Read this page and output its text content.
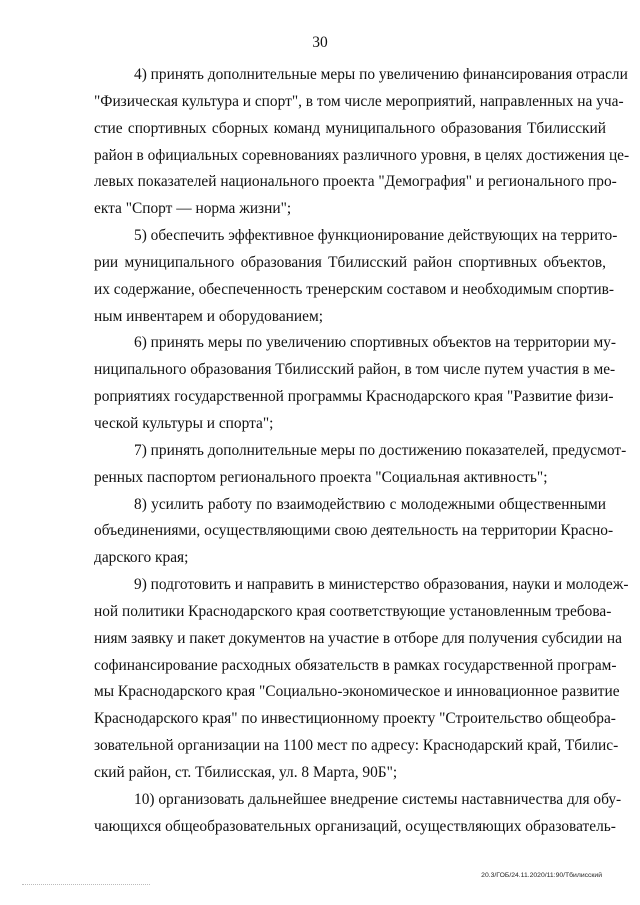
30
4) принять дополнительные меры по увеличению финансирования отрасли
"Физическая культура и спорт", в том числе мероприятий, направленных на уча-
стие спортивных сборных команд муниципального образования Тбилисский
район в официальных соревнованиях различного уровня, в целях достижения це-
левых показателей национального проекта "Демография" и регионального про-
екта "Спорт — норма жизни";
5) обеспечить эффективное функционирование действующих на террито-
рии муниципального образования Тбилисский район спортивных объектов,
их содержание, обеспеченность тренерским составом и необходимым спортив-
ным инвентарем и оборудованием;
6) принять меры по увеличению спортивных объектов на территории му-
ниципального образования Тбилисский район, в том числе путем участия в ме-
роприятиях государственной программы Краснодарского края "Развитие физи-
ческой культуры и спорта";
7) принять дополнительные меры по достижению показателей, предусмот-
ренных паспортом регионального проекта "Социальная активность";
8) усилить работу по взаимодействию с молодежными общественными
объединениями, осуществляющими свою деятельность на территории Красно-
дарского края;
9) подготовить и направить в министерство образования, науки и молодеж-
ной политики Краснодарского края соответствующие установленным требова-
ниям заявку и пакет документов на участие в отборе для получения субсидии на
софинансирование расходных обязательств в рамках государственной програм-
мы Краснодарского края "Социально-экономическое и инновационное развитие
Краснодарского края" по инвестиционному проекту "Строительство общеобра-
зовательной организации на 1100 мест по адресу: Краснодарский край, Тбилис-
ский район, ст. Тбилисская, ул. 8 Марта, 90Б";
10) организовать дальнейшее внедрение системы наставничества для обу-
чающихся общеобразовательных организаций, осуществляющих образователь-
20.3/ГОБ/24.11.2020/11:90/Тбилисский
